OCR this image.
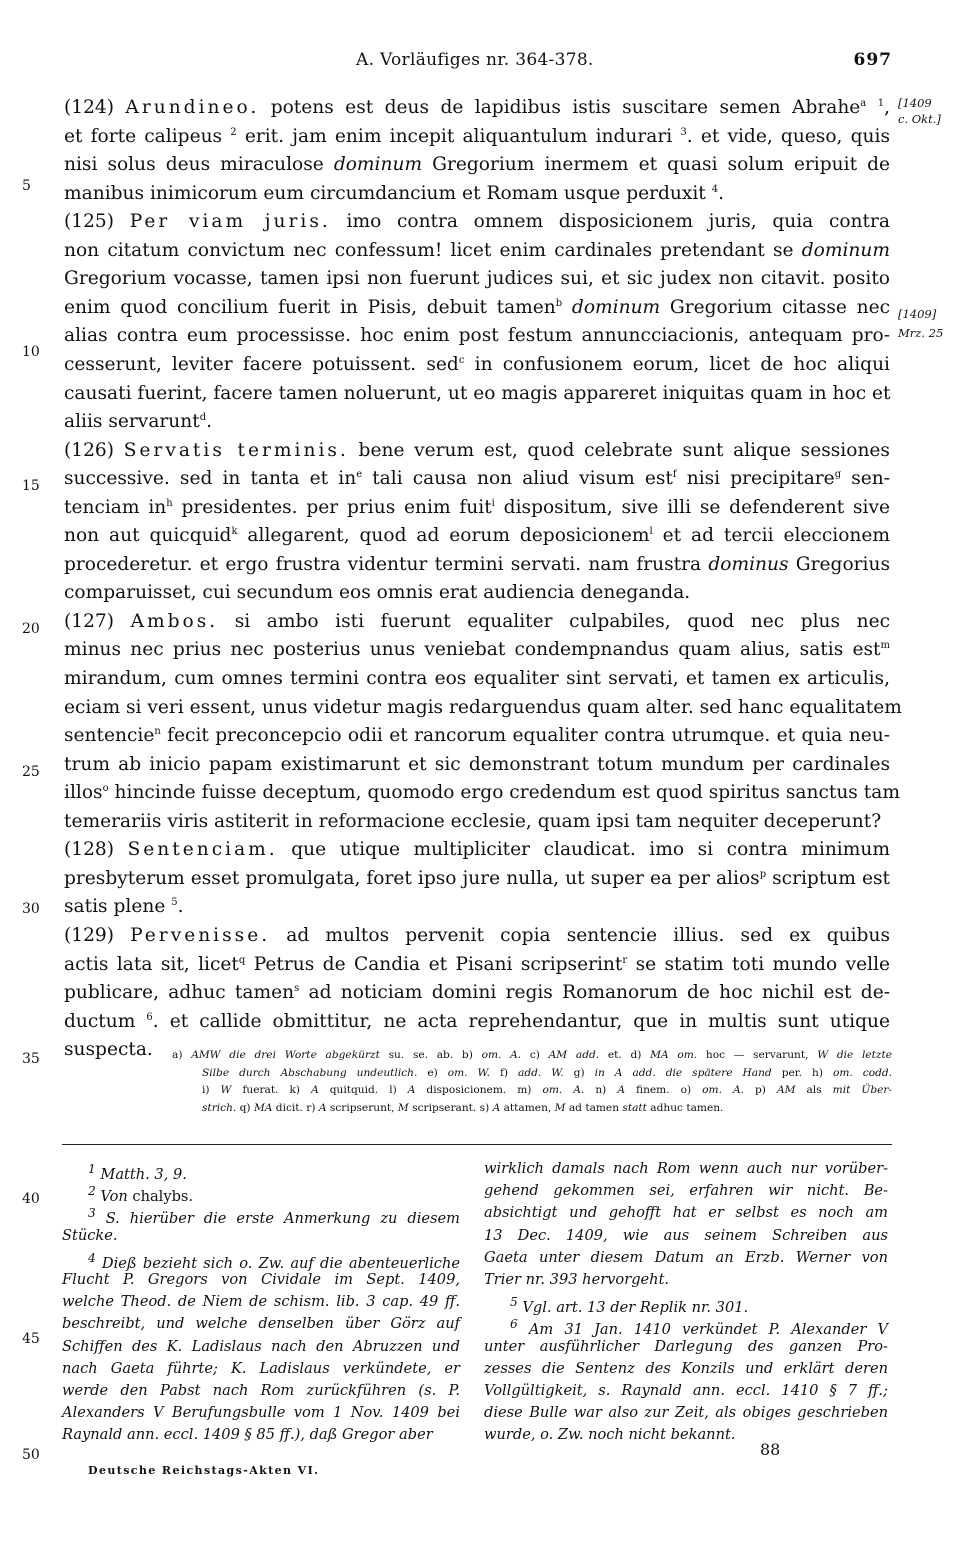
A. Vorläufiges nr. 364-378.	697
[1409
c. Okt.]
[1409]
Mrz. 25
5
10
15
20
25
30
35
40
45
50
(124) Arundineo. potens est deus de lapidibus istis suscitare semen Abrahe$^a$ $^1$,
et forte calipeus $^2$ erit. jam enim incepit aliquantulum indurari $^3$. et vide, queso, quis
nisi solus deus miraculose dominum Gregorium inermem et quasi solum eripuit de
manibus inimicorum eum circumdancium et Romam usque perduxit $^4$.
(125) Per viam juris. imo contra omnem disposicionem juris, quia contra
non citatum convictum nec confessum! licet enim cardinales pretendant se dominum
Gregorium vocasse, tamen ipsi non fuerunt judices sui, et sic judex non citavit. posito
enim quod concilium fuerit in Pisis, debuit tamen$^b$ dominum Gregorium citasse nec
alias contra eum processisse. hoc enim post festum annuncciacionis, antequam pro-
cesserunt, leviter facere potuissent. sed$^c$ in confusionem eorum, licet de hoc aliqui
causati fuerint, facere tamen noluerunt, ut eo magis appareret iniquitas quam in hoc et
aliis servarunt$^d$.
(126) Servatis terminis. bene verum est, quod celebrate sunt alique sessiones
successive. sed in tanta et $in^e$ tali causa non aliud visum est$^f$ nisi precipitare$^g$ sen-
tenciam $in^h$ presidentes. per prius enim fuit$^i$ dispositum, sive illi se defenderent sive
non aut quicquid$^k$ allegarent, quod ad eorum deposicionem$^l$ et ad tercii eleccionem
procederetur. et ergo frustra videntur termini servati. nam frustra dominus Gregorius
comparuisset, cui secundum eos omnis erat audiencia deneganda.
(127) Ambos. si ambo isti fuerunt equaliter culpabiles, quod nec plus nec
minus nec prius nec posterius unus veniebat condempnandus quam alius, satis est$^m$
mirandum, cum omnes termini contra eos equaliter sint servati, et tamen ex articulis,
eciam si veri essent, unus videtur magis redarguendus quam alter. sed hanc equalitatem
sentencie$^n$ fecit preconcepcio odii et rancorum equaliter contra utrumque. et quia neu-
trum ab inicio papam existimarunt et sic demonstrant totum mundum per cardinales
illos$^o$ hincinde fuisse deceptum, quomodo ergo credendum est quod spiritus sanctus tam
temerariis viris astiterit in reformacione ecclesie, quam ipsi tam nequiter deceperunt?
(128) Sentenciam. que utique multipliciter claudicat. imo si contra minimum
presbyterum esset promulgata, foret ipso jure nulla, ut super ea per alios$^p$ scriptum est
satis plene $^5$.
(129) Pervenisse. ad multos pervenit copia sentencie illius. sed ex quibus
actis lata sit, licet$^q$ Petrus de Candia et Pisani scripserint$^r$ se statim toti mundo velle
publicare, adhuc tamen$^s$ ad noticiam domini regis Romanorum de hoc nichil est de-
ductum $^6$. et callide obmittitur, ne acta reprehendantur, que in multis sunt utique
suspecta.	a) AMW die drei Worte abgekürzt su. se. ab. b) om. A. c) AM add. et. d) MA om. hoc — servarunt, W die letzte
Silbe durch Abschabung undeutlich. e) om. W. f) add. W. g) in A add. die spätere Hand per. h) om. codd.
i) W fuerat. k) A quitquid. l) A disposicionem. m) om. A. n) A finem. o) om. A. p) AM als mit Über-
strich. q) MA dicit. r) A scripserunt, M scripserant. s) A attamen, M ad tamen statt adhuc tamen.
$^1$ Matth. 3, 9.
$^2$ Von chalybs.
$^3$ S. hierüber die erste Anmerkung zu diesem
Stücke.
$^4$ Dieß bezieht sich o. Zw. auf die abenteuerliche
Flucht P. Gregors von Cividale im Sept. 1409,
welche Theod. de Niem de schism. lib. 3 cap. 49 ff.
beschreibt, und welche denselben über Görz auf
Schiffen des K. Ladislaus nach den Abruzzen und
nach Gaeta führte; K. Ladislaus verkündete, er
werde den Pabst nach Rom zurückführen (s. P.
Alexanders V Berufungsbulle vom 1 Nov. 1409 bei
Raynald ann. eccl. 1409 § 85 ff.), daß Gregor aber
wirklich damals nach Rom wenn auch nur vorüber-
gehend gekommen sei, erfahren wir nicht. Be-
absichtigt und gehofft hat er selbst es noch am
13 Dec. 1409, wie aus seinem Schreiben aus
Gaeta unter diesem Datum an Erzb. Werner von
Trier nr. 393 hervorgeht.
$^5$ Vgl. art. 13 der Replik nr. 301.
$^6$ Am 31 Jan. 1410 verkündet P. Alexander V
unter ausführlicher Darlegung des ganzen Pro-
zesses die Sentenz des Konzils und erklärt deren
Vollgültigkeit, s. Raynald ann. eccl. 1410 § 7 ff.;
diese Bulle war also zur Zeit, als obiges geschrieben
wurde, o. Zw. noch nicht bekannt.
Deutsche Reichstags-Akten VI.
88
